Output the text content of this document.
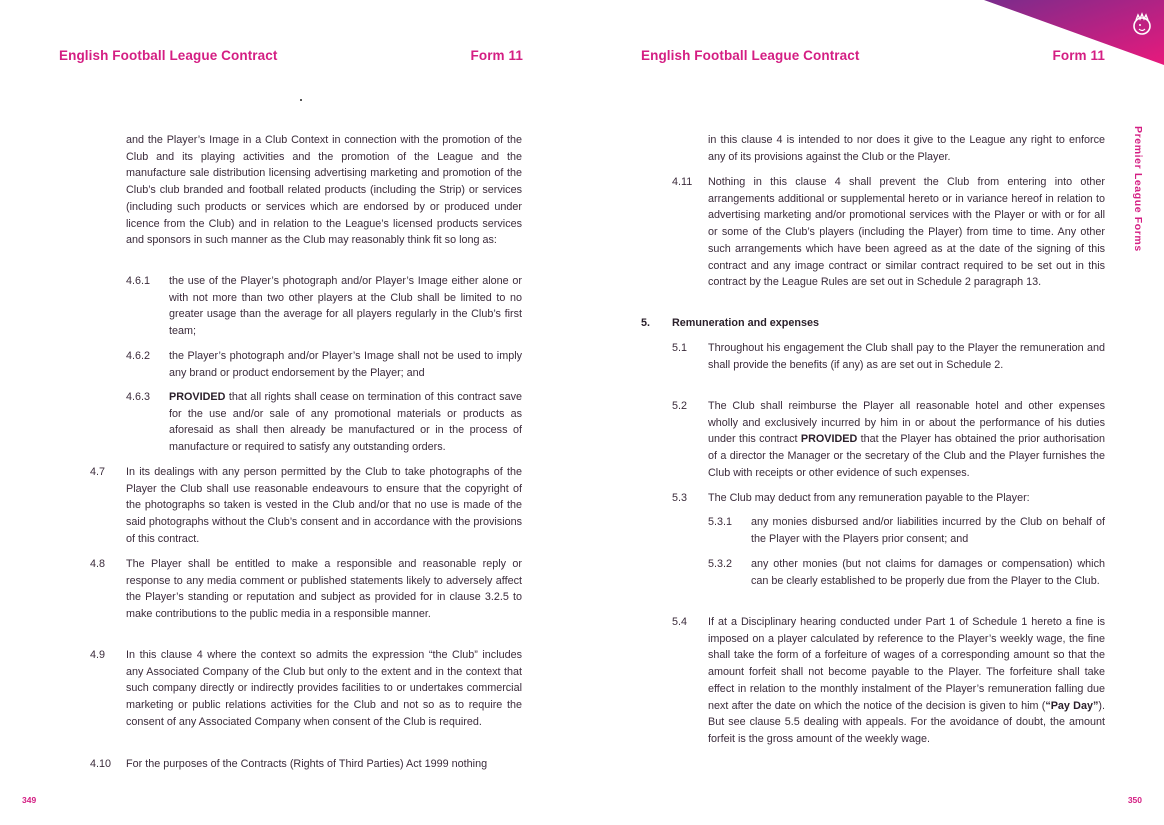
English Football League Contract	Form 11

and the Player’s Image in a Club Context in connection with the promotion of the Club and its playing activities and the promotion of the League and the manufacture sale distribution licensing advertising marketing and promotion of the Club’s club branded and football related products (including the Strip) or services (including such products or services which are endorsed by or produced under licence from the Club) and in relation to the League’s licensed products services and sponsors in such manner as the Club may reasonably think fit so long as:

4.6.1 the use of the Player’s photograph and/or Player’s Image either alone or with not more than two other players at the Club shall be limited to no greater usage than the average for all players regularly in the Club’s first team;
4.6.2 the Player’s photograph and/or Player’s Image shall not be used to imply any brand or product endorsement by the Player; and
4.6.3 PROVIDED that all rights shall cease on termination of this contract save for the use and/or sale of any promotional materials or products as aforesaid as shall then already be manufactured or in the process of manufacture or required to satisfy any outstanding orders.
4.7 In its dealings with any person permitted by the Club to take photographs of the Player the Club shall use reasonable endeavours to ensure that the copyright of the photographs so taken is vested in the Club and/or that no use is made of the said photographs without the Club’s consent and in accordance with the provisions of this contract.
4.8 The Player shall be entitled to make a responsible and reasonable reply or response to any media comment or published statements likely to adversely affect the Player’s standing or reputation and subject as provided for in clause 3.2.5 to make contributions to the public media in a responsible manner.
4.9 In this clause 4 where the context so admits the expression “the Club” includes any Associated Company of the Club but only to the extent and in the context that such company directly or indirectly provides facilities to or undertakes commercial marketing or public relations activities for the Club and not so as to require the consent of any Associated Company when consent of the Club is required.
4.10 For the purposes of the Contracts (Rights of Third Parties) Act 1999 nothing
349
English Football League Contract	Form 11

in this clause 4 is intended to nor does it give to the League any right to enforce any of its provisions against the Club or the Player.

4.11 Nothing in this clause 4 shall prevent the Club from entering into other arrangements additional or supplemental hereto or in variance hereof in relation to advertising marketing and/or promotional services with the Player or with or for all or some of the Club’s players (including the Player) from time to time. Any other such arrangements which have been agreed as at the date of the signing of this contract and any image contract or similar contract required to be set out in this contract by the League Rules are set out in Schedule 2 paragraph 13.
5. Remuneration and expenses
5.1 Throughout his engagement the Club shall pay to the Player the remuneration and shall provide the benefits (if any) as are set out in Schedule 2.
5.2 The Club shall reimburse the Player all reasonable hotel and other expenses wholly and exclusively incurred by him in or about the performance of his duties under this contract PROVIDED that the Player has obtained the prior authorisation of a director the Manager or the secretary of the Club and the Player furnishes the Club with receipts or other evidence of such expenses.
5.3 The Club may deduct from any remuneration payable to the Player:
5.3.1 any monies disbursed and/or liabilities incurred by the Club on behalf of the Player with the Players prior consent; and
5.3.2 any other monies (but not claims for damages or compensation) which can be clearly established to be properly due from the Player to the Club.
5.4 If at a Disciplinary hearing conducted under Part 1 of Schedule 1 hereto a fine is imposed on a player calculated by reference to the Player’s weekly wage, the fine shall take the form of a forfeiture of wages of a corresponding amount so that the amount forfeit shall not become payable to the Player. The forfeiture shall take effect in relation to the monthly instalment of the Player’s remuneration falling due next after the date on which the notice of the decision is given to him (“Pay Day”). But see clause 5.5 dealing with appeals. For the avoidance of doubt, the amount forfeit is the gross amount of the weekly wage.
Premier League Forms
350
